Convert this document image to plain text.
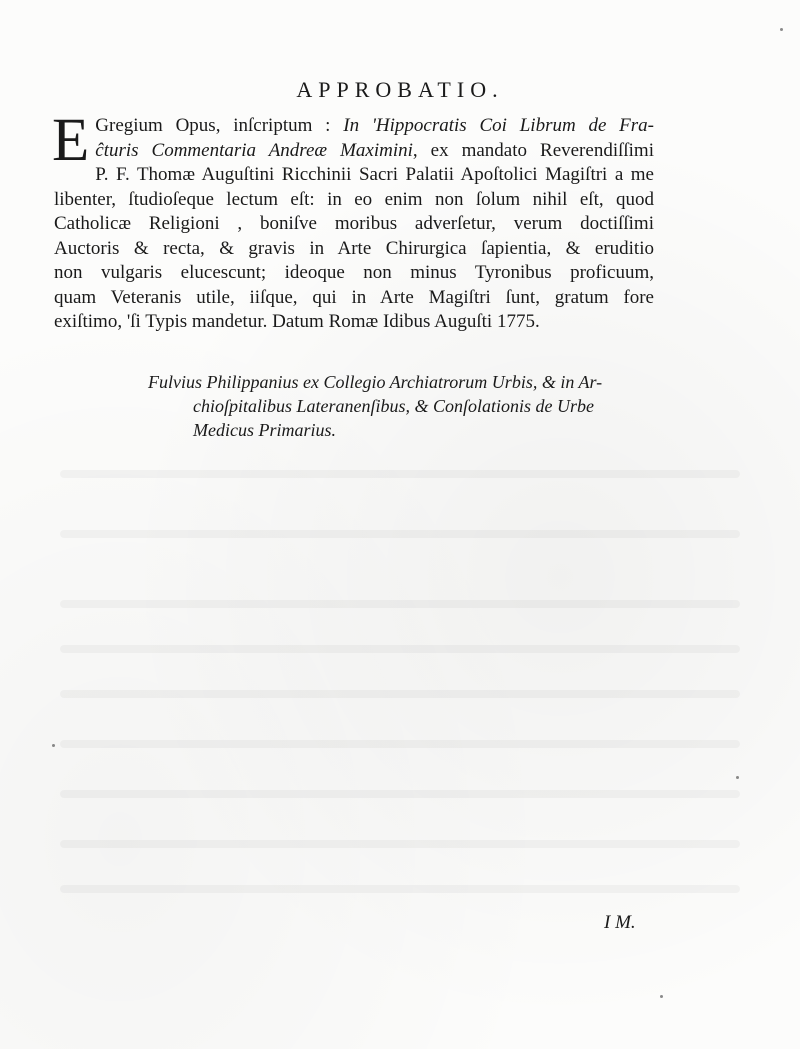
APPROBATIO.
E Gregium Opus, inſcriptum : In 'Hippocratis Coi Librum de Fra-
ĉturis Commentaria Andreæ Maximini, ex mandato Reverendiſſimi
P. F. Thomæ Auguſtini Ricchinii Sacri Palatii Apoſtolici Magiſtri a me
libenter, ſtudioſeque lectum eſt: in eo enim non ſolum nihil eſt, quod
Catholicæ Religioni , boniſve moribus adverſetur, verum doctiſſimi
Auctoris & recta, & gravis in Arte Chirurgica ſapientia, & eruditio
non vulgaris elucescunt; ideoque non minus Tyronibus proficuum,
quam Veteranis utile, iiſque, qui in Arte Magiſtri ſunt, gratum fore
exiſtimo, 'ſi Typis mandetur. Datum Romæ Idibus Auguſti 1775.
Fulvius Philippanius ex Collegio Archiatrorum Urbis, & in Ar-
chioſpitalibus Lateranenſibus, & Conſolationis de Urbe
Medicus Primarius.
I M.
